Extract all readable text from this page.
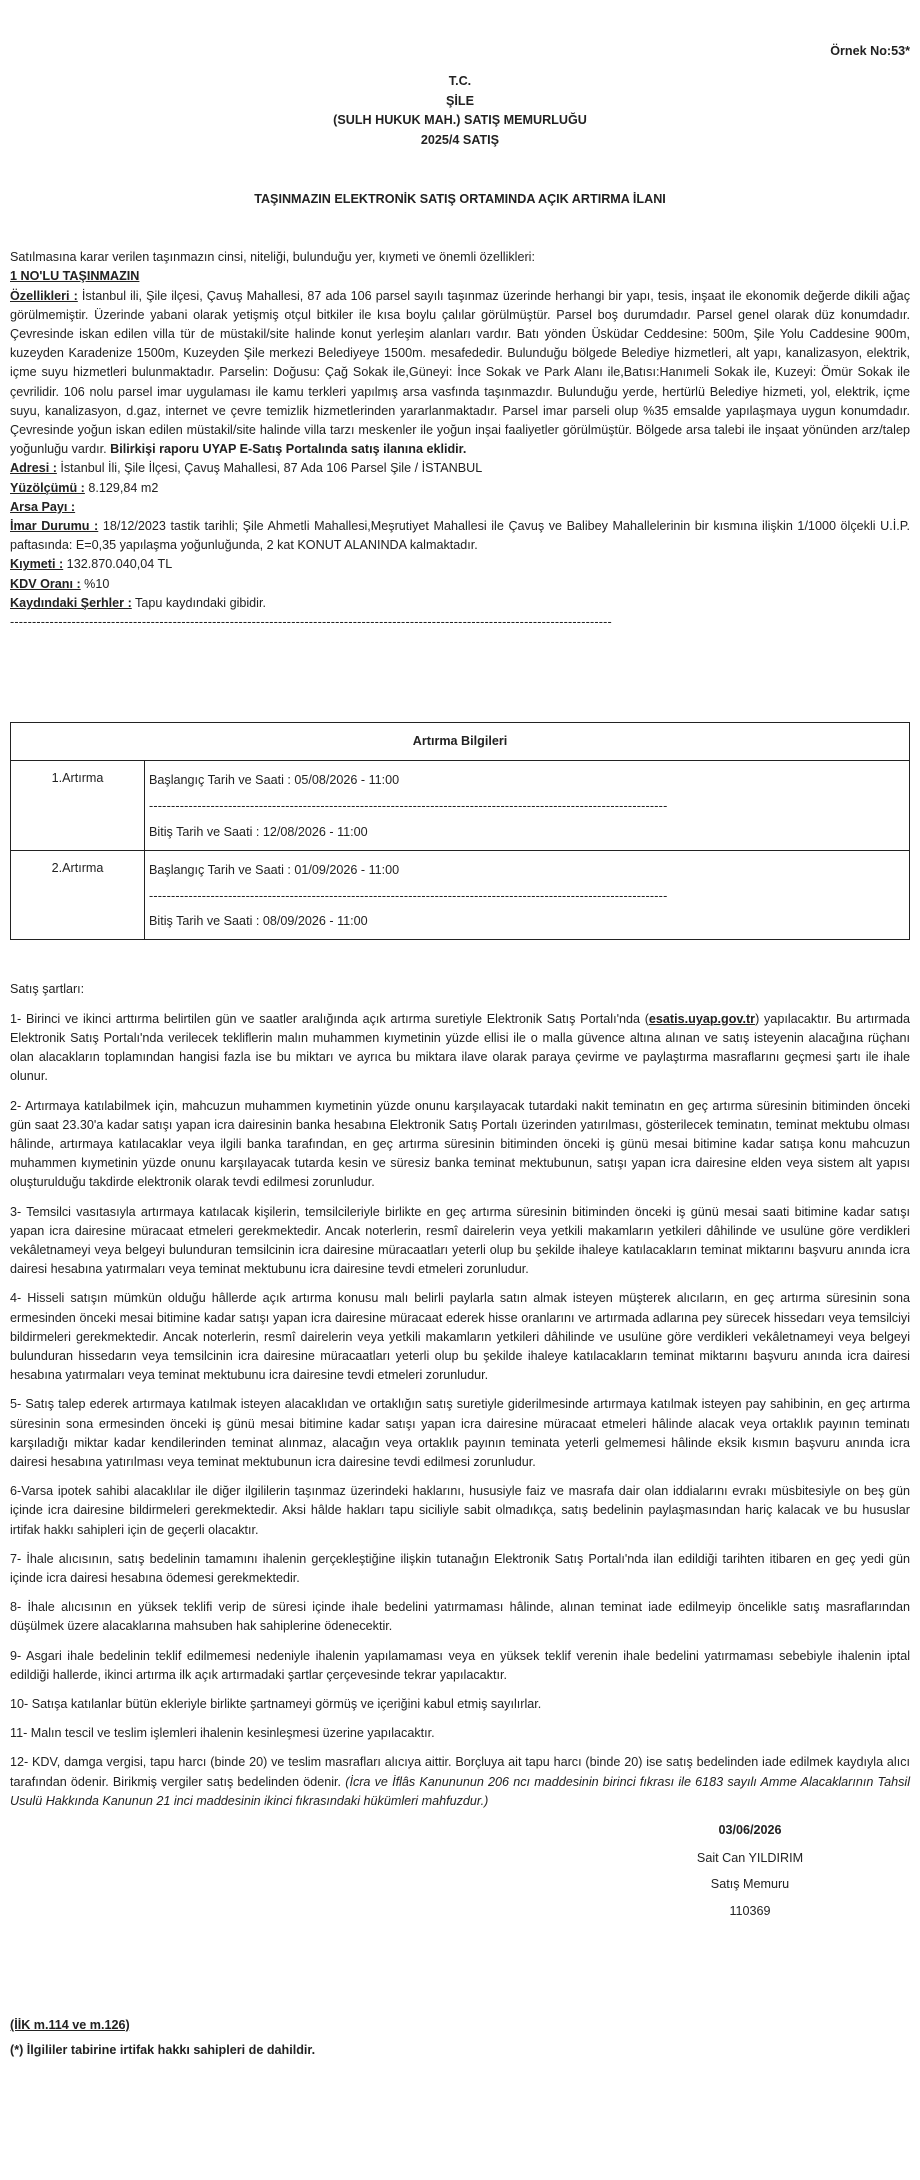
Örnek No:53*
T.C.
ŞİLE
(SULH HUKUK MAH.) SATIŞ MEMURLUĞU
2025/4 SATIŞ
TAŞINMAZIN ELEKTRONİK SATIŞ ORTAMINDA AÇIK ARTIRMA İLANI
Satılmasına karar verilen taşınmazın cinsi, niteliği, bulunduğu yer, kıymeti ve önemli özellikleri:
1 NO'LU TAŞINMAZIN
Özellikleri : İstanbul ili, Şile ilçesi, Çavuş Mahallesi, 87 ada 106 parsel sayılı taşınmaz üzerinde herhangi bir yapı, tesis, inşaat ile ekonomik değerde dikili ağaç görülmemiştir. Üzerinde yabani olarak yetişmiş otçul bitkiler ile kısa boylu çalılar görülmüştür. Parsel boş durumdadır. Parsel genel olarak düz konumdadır. Çevresinde iskan edilen villa tür de müstakil/site halinde konut yerleşim alanları vardır. Batı yönden Üsküdar Ceddesine: 500m, Şile Yolu Caddesine 900m, kuzeyden Karadenize 1500m, Kuzeyden Şile merkezi Belediyeye 1500m. mesafededir. Bulunduğu bölgede Belediye hizmetleri, alt yapı, kanalizasyon, elektrik, içme suyu hizmetleri bulunmaktadır. Parselin: Doğusu: Çağ Sokak ile,Güneyi: İnce Sokak ve Park Alanı ile,Batısı:Hanımeli Sokak ile, Kuzeyi: Ömür Sokak ile çevrilidir. 106 nolu parsel imar uygulaması ile kamu terkleri yapılmış arsa vasfında taşınmazdır. Bulunduğu yerde, hertürlü Belediye hizmeti, yol, elektrik, içme suyu, kanalizasyon, d.gaz, internet ve çevre temizlik hizmetlerinden yararlanmaktadır. Parsel imar parseli olup %35 emsalde yapılaşmaya uygun konumdadır. Çevresinde yoğun iskan edilen müstakil/site halinde villa tarzı meskenler ile yoğun inşai faaliyetler görülmüştür. Bölgede arsa talebi ile inşaat yönünden arz/talep yoğunluğu vardır. Bilirkişi raporu UYAP E-Satış Portalında satış ilanına eklidir.
Adresi : İstanbul İli, Şile İlçesi, Çavuş Mahallesi, 87 Ada 106 Parsel Şile / İSTANBUL
Yüzölçümü : 8.129,84 m2
Arsa Payı :
İmar Durumu : 18/12/2023 tastik tarihli; Şile Ahmetli Mahallesi,Meşrutiyet Mahallesi ile Çavuş ve Balibey Mahallelerinin bir kısmına ilişkin 1/1000 ölçekli U.İ.P. paftasında: E=0,35 yapılaşma yoğunluğunda, 2 kat KONUT ALANINDA kalmaktadır.
Kıymeti : 132.870.040,04 TL
KDV Oranı : %10
Kaydındaki Şerhler : Tapu kaydındaki gibidir.
-----------------------------------------------------------------------------------------------------------------------------------------
Artırma Bilgileri	
1.Artırma	Başlangıç Tarih ve Saati : 05/08/2026 - 11:00
----------------------------------------------------------------------------------------------------------------------
Bitiş Tarih ve Saati : 12/08/2026 - 11:00

2.Artırma	Başlangıç Tarih ve Saati : 01/09/2026 - 11:00
----------------------------------------------------------------------------------------------------------------------
Bitiş Tarih ve Saati : 08/09/2026 - 11:00
Satış şartları:
1- Birinci ve ikinci arttırma belirtilen gün ve saatler aralığında açık artırma suretiyle Elektronik Satış Portalı'nda (esatis.uyap.gov.tr) yapılacaktır. Bu artırmada Elektronik Satış Portalı'nda verilecek tekliflerin malın muhammen kıymetinin yüzde ellisi ile o malla güvence altına alınan ve satış isteyenin alacağına rüçhanı olan alacakların toplamından hangisi fazla ise bu miktarı ve ayrıca bu miktara ilave olarak paraya çevirme ve paylaştırma masraflarını geçmesi şartı ile ihale olunur.
2- Artırmaya katılabilmek için, mahcuzun muhammen kıymetinin yüzde onunu karşılayacak tutardaki nakit teminatın en geç artırma süresinin bitiminden önceki gün saat 23.30'a kadar satışı yapan icra dairesinin banka hesabına Elektronik Satış Portalı üzerinden yatırılması, gösterilecek teminatın, teminat mektubu olması hâlinde, artırmaya katılacaklar veya ilgili banka tarafından, en geç artırma süresinin bitiminden önceki iş günü mesai bitimine kadar satışa konu mahcuzun muhammen kıymetinin yüzde onunu karşılayacak tutarda kesin ve süresiz banka teminat mektubunun, satışı yapan icra dairesine elden veya sistem alt yapısı oluşturulduğu takdirde elektronik olarak tevdi edilmesi zorunludur.
3- Temsilci vasıtasıyla artırmaya katılacak kişilerin, temsilcileriyle birlikte en geç artırma süresinin bitiminden önceki iş günü mesai saati bitimine kadar satışı yapan icra dairesine müracaat etmeleri gerekmektedir. Ancak noterlerin, resmî dairelerin veya yetkili makamların yetkileri dâhilinde ve usulüne göre verdikleri vekâletnameyi veya belgeyi bulunduran temsilcinin icra dairesine müracaatları yeterli olup bu şekilde ihaleye katılacakların teminat miktarını başvuru anında icra dairesi hesabına yatırmaları veya teminat mektubunu icra dairesine tevdi etmeleri zorunludur.
4- Hisseli satışın mümkün olduğu hâllerde açık artırma konusu malı belirli paylarla satın almak isteyen müşterek alıcıların, en geç artırma süresinin sona ermesinden önceki mesai bitimine kadar satışı yapan icra dairesine müracaat ederek hisse oranlarını ve artırmada adlarına pey sürecek hissedarı veya temsilciyi bildirmeleri gerekmektedir. Ancak noterlerin, resmî dairelerin veya yetkili makamların yetkileri dâhilinde ve usulüne göre verdikleri vekâletnameyi veya belgeyi bulunduran hissedarın veya temsilcinin icra dairesine müracaatları yeterli olup bu şekilde ihaleye katılacakların teminat miktarını başvuru anında icra dairesi hesabına yatırmaları veya teminat mektubunu icra dairesine tevdi etmeleri zorunludur.
5- Satış talep ederek artırmaya katılmak isteyen alacaklıdan ve ortaklığın satış suretiyle giderilmesinde artırmaya katılmak isteyen pay sahibinin, en geç artırma süresinin sona ermesinden önceki iş günü mesai bitimine kadar satışı yapan icra dairesine müracaat etmeleri hâlinde alacak veya ortaklık payının teminatı karşıladığı miktar kadar kendilerinden teminat alınmaz, alacağın veya ortaklık payının teminata yeterli gelmemesi hâlinde eksik kısmın başvuru anında icra dairesi hesabına yatırılması veya teminat mektubunun icra dairesine tevdi edilmesi zorunludur.
6-Varsa ipotek sahibi alacaklılar ile diğer ilgililerin taşınmaz üzerindeki haklarını, hususiyle faiz ve masrafa dair olan iddialarını evrakı müsbitesiyle on beş gün içinde icra dairesine bildirmeleri gerekmektedir. Aksi hâlde hakları tapu siciliyle sabit olmadıkça, satış bedelinin paylaşmasından hariç kalacak ve bu hususlar irtifak hakkı sahipleri için de geçerli olacaktır.
7- İhale alıcısının, satış bedelinin tamamını ihalenin gerçekleştiğine ilişkin tutanağın Elektronik Satış Portalı'nda ilan edildiği tarihten itibaren en geç yedi gün içinde icra dairesi hesabına ödemesi gerekmektedir.
8- İhale alıcısının en yüksek teklifi verip de süresi içinde ihale bedelini yatırmaması hâlinde, alınan teminat iade edilmeyip öncelikle satış masraflarından düşülmek üzere alacaklarına mahsuben hak sahiplerine ödenecektir.
9- Asgari ihale bedelinin teklif edilmemesi nedeniyle ihalenin yapılamaması veya en yüksek teklif verenin ihale bedelini yatırmaması sebebiyle ihalenin iptal edildiği hallerde, ikinci artırma ilk açık artırmadaki şartlar çerçevesinde tekrar yapılacaktır.
10- Satışa katılanlar bütün ekleriyle birlikte şartnameyi görmüş ve içeriğini kabul etmiş sayılırlar.
11- Malın tescil ve teslim işlemleri ihalenin kesinleşmesi üzerine yapılacaktır.
12- KDV, damga vergisi, tapu harcı (binde 20) ve teslim masrafları alıcıya aittir. Borçluya ait tapu harcı (binde 20) ise satış bedelinden iade edilmek kaydıyla alıcı tarafından ödenir. Birikmiş vergiler satış bedelinden ödenir. (İcra ve İflâs Kanununun 206 ncı maddesinin birinci fıkrası ile 6183 sayılı Amme Alacaklarının Tahsil Usulü Hakkında Kanunun 21 inci maddesinin ikinci fıkrasındaki hükümleri mahfuzdur.)
03/06/2026
Sait Can YILDIRIM
Satış Memuru
110369
(İİK m.114 ve m.126)
(*) İlgililer tabirine irtifak hakkı sahipleri de dahildir.
